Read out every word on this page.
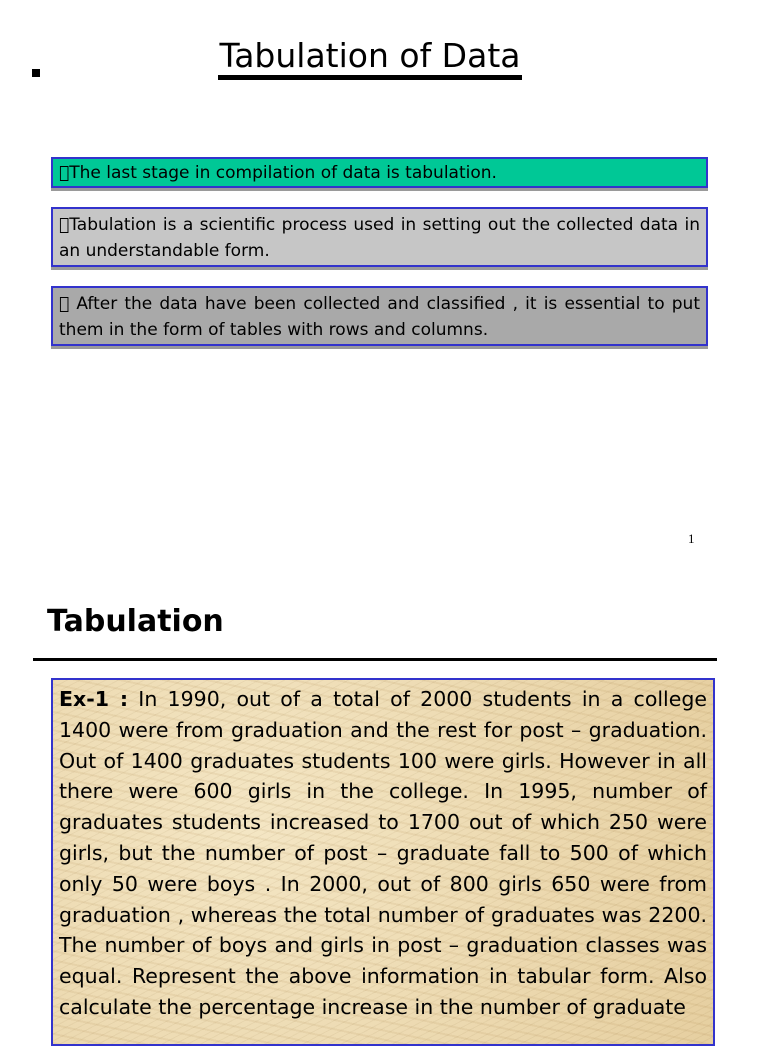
Tabulation of Data
The last stage in compilation of data is tabulation.
Tabulation is a scientific process used in setting out the collected data in an understandable form.
After the data have been collected and classified , it is essential to put them in the form of tables with rows and columns.
1
Tabulation
Ex-1 : In 1990, out of a total of 2000 students in a college 1400 were from graduation and the rest for post – graduation. Out of 1400 graduates students 100 were girls. However in all there were 600 girls in the college. In 1995, number of graduates students increased to 1700 out of which 250 were girls, but the number of post – graduate fall to 500 of which only 50 were boys . In 2000, out of 800 girls 650 were from graduation , whereas the total number of graduates was 2200. The number of boys and girls in post – graduation classes was equal. Represent the above information in tabular form. Also calculate the percentage increase in the number of graduate
